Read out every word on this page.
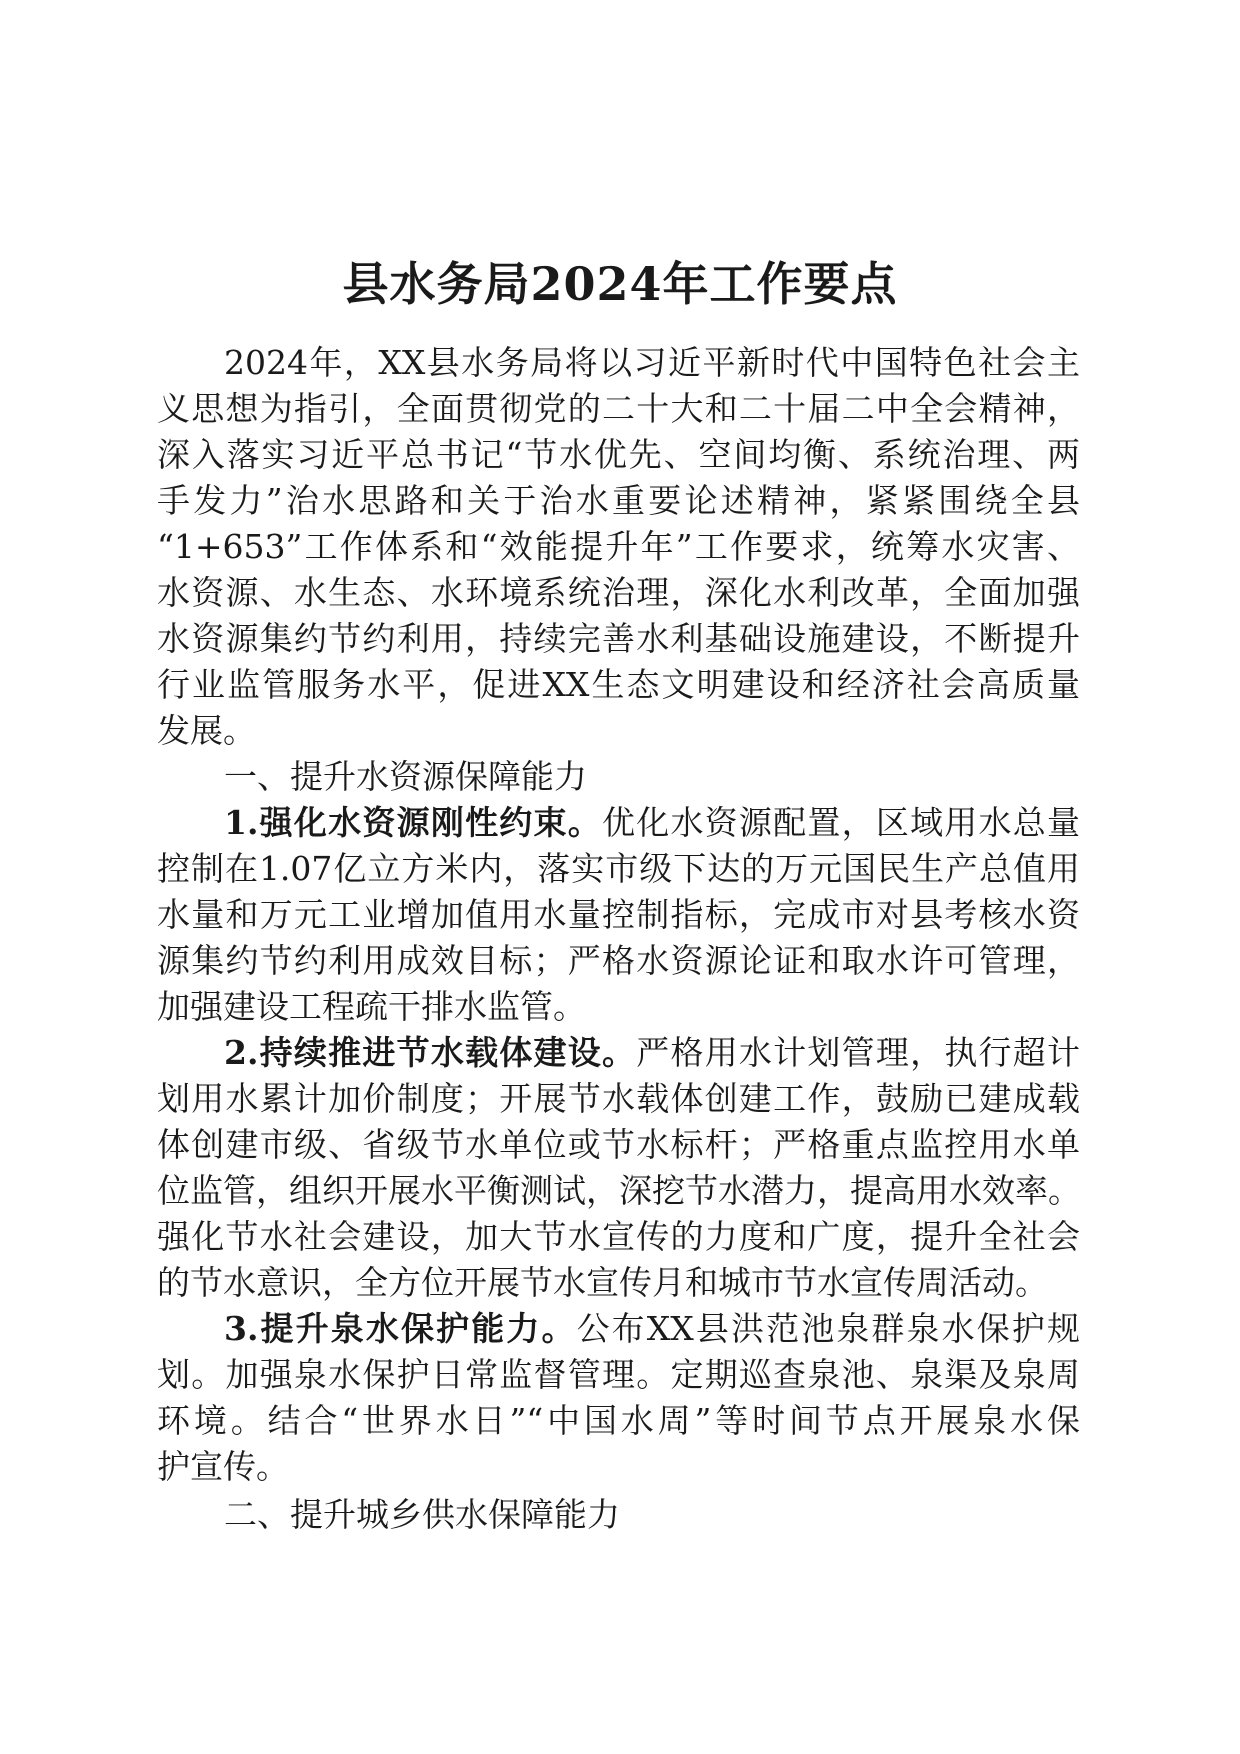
县水务局2024年工作要点
2024年，XX县水务局将以习近平新时代中国特色社会主
义思想为指引，全面贯彻党的二十大和二十届二中全会精神，
深入落实习近平总书记“节水优先、空间均衡、系统治理、两
手发力”治水思路和关于治水重要论述精神，紧紧围绕全县
“1+653”工作体系和“效能提升年”工作要求，统筹水灾害、
水资源、水生态、水环境系统治理，深化水利改革，全面加强
水资源集约节约利用，持续完善水利基础设施建设，不断提升
行业监管服务水平，促进XX生态文明建设和经济社会高质量
发展。
一、提升水资源保障能力
1.强化水资源刚性约束。优化水资源配置，区域用水总量
控制在1.07亿立方米内，落实市级下达的万元国民生产总值用
水量和万元工业增加值用水量控制指标，完成市对县考核水资
源集约节约利用成效目标；严格水资源论证和取水许可管理，
加强建设工程疏干排水监管。
2.持续推进节水载体建设。严格用水计划管理，执行超计
划用水累计加价制度；开展节水载体创建工作，鼓励已建成载
体创建市级、省级节水单位或节水标杆；严格重点监控用水单
位监管，组织开展水平衡测试，深挖节水潜力，提高用水效率。
强化节水社会建设，加大节水宣传的力度和广度，提升全社会
的节水意识，全方位开展节水宣传月和城市节水宣传周活动。
3.提升泉水保护能力。公布XX县洪范池泉群泉水保护规
划。加强泉水保护日常监督管理。定期巡查泉池、泉渠及泉周
环境。结合“世界水日”“中国水周”等时间节点开展泉水保
护宣传。
二、提升城乡供水保障能力
